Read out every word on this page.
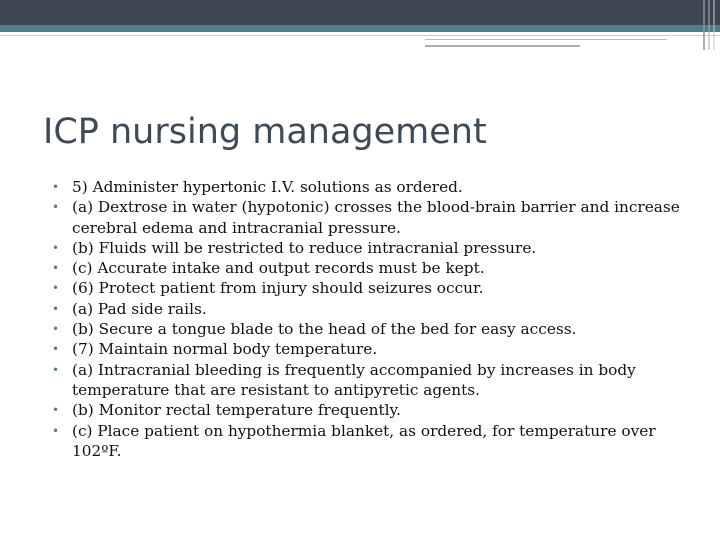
ICP nursing management
• 5) Administer hypertonic I.V. solutions as ordered.
• (a) Dextrose in water (hypotonic) crosses the blood-brain barrier and increase cerebral edema and intracranial pressure.
• (b) Fluids will be restricted to reduce intracranial pressure.
• (c) Accurate intake and output records must be kept.
• (6) Protect patient from injury should seizures occur.
• (a) Pad side rails.
• (b) Secure a tongue blade to the head of the bed for easy access.
• (7) Maintain normal body temperature.
• (a) Intracranial bleeding is frequently accompanied by increases in body temperature that are resistant to antipyretic agents.
• (b) Monitor rectal temperature frequently.
• (c) Place patient on hypothermia blanket, as ordered, for temperature over 102ºF.
